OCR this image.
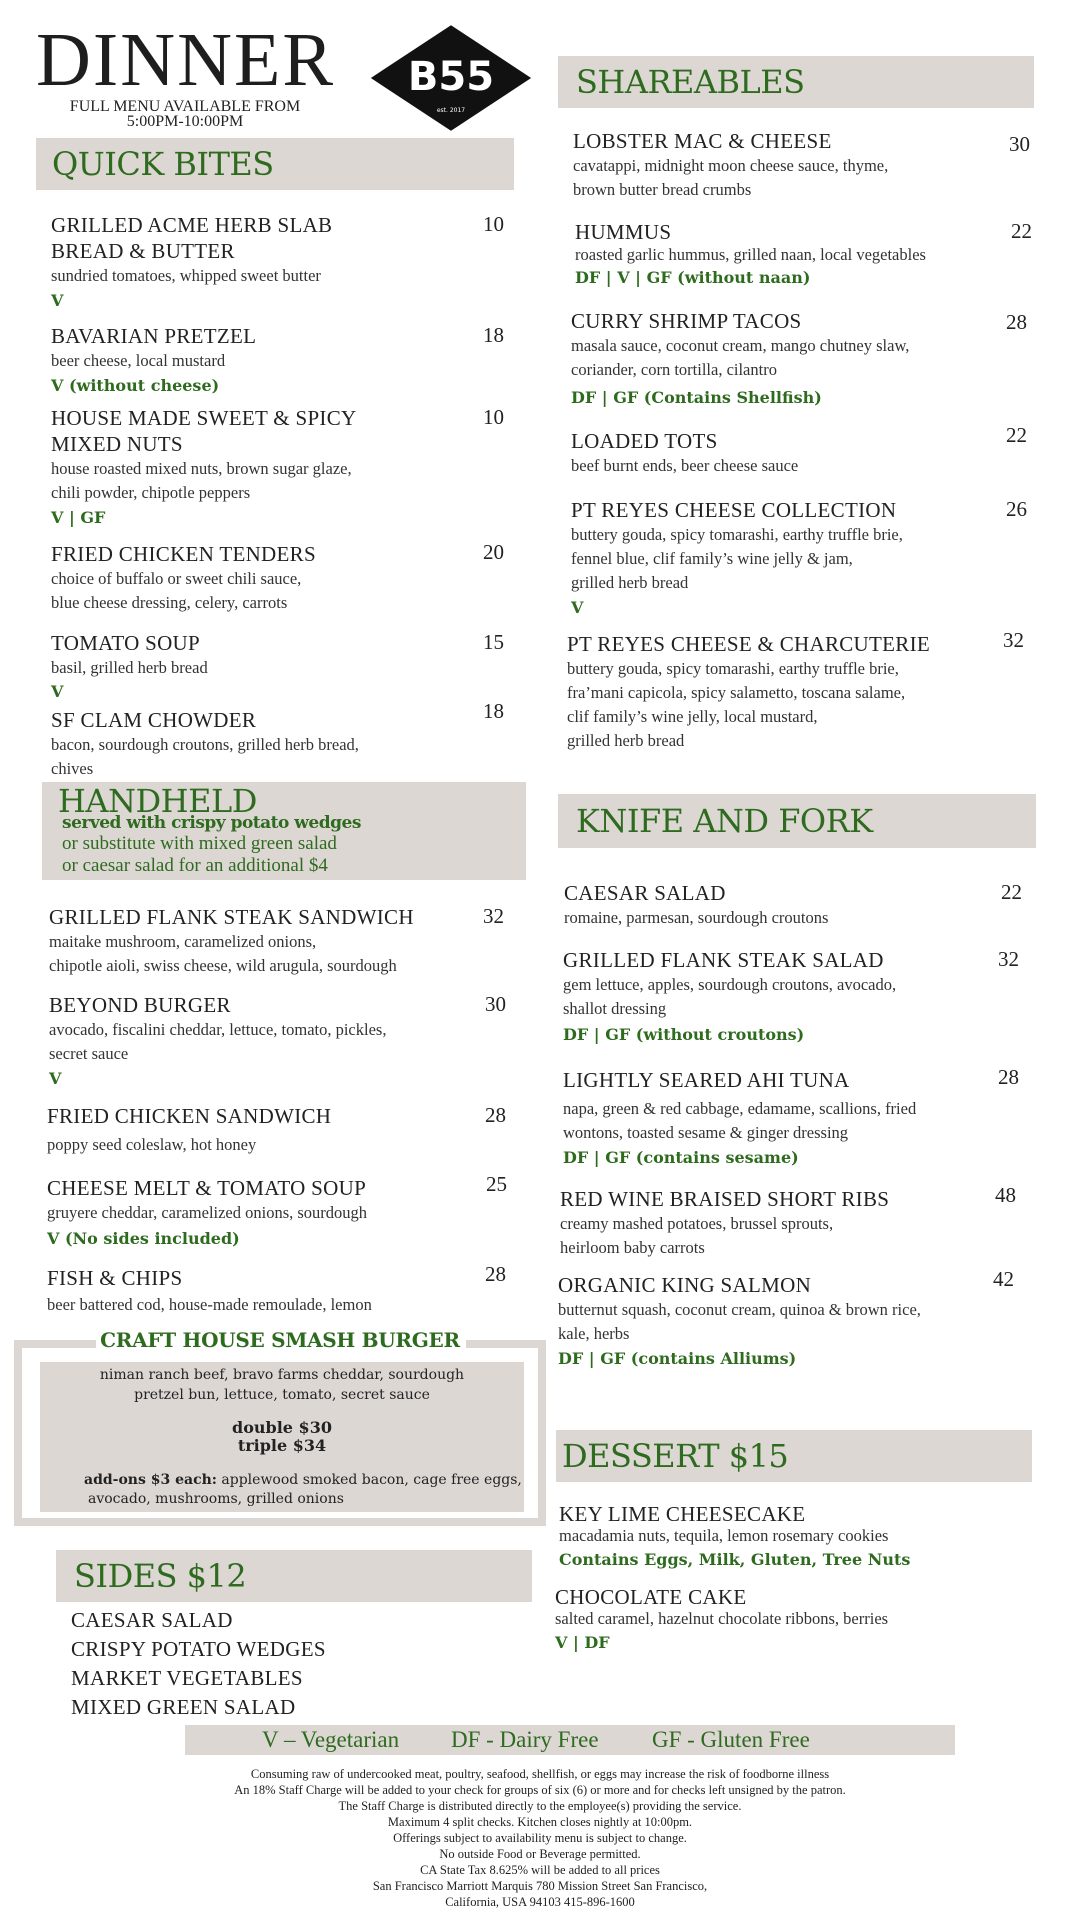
DINNER
FULL MENU AVAILABLE FROM
5:00PM-10:00PM
B55
est. 2017
QUICK BITES
GRILLED ACME HERB SLAB
BREAD & BUTTER
sundried tomatoes, whipped sweet butter
V
10
BAVARIAN PRETZEL
beer cheese, local mustard
V (without cheese)
18
HOUSE MADE SWEET & SPICY
MIXED NUTS
house roasted mixed nuts, brown sugar glaze,
chili powder, chipotle peppers
V | GF
10
FRIED CHICKEN TENDERS
choice of buffalo or sweet chili sauce,
blue cheese dressing, celery, carrots
20
TOMATO SOUP
basil, grilled herb bread
V
15
SF CLAM CHOWDER
bacon, sourdough croutons, grilled herb bread,
chives
18
HANDHELD
served with crispy potato wedges
or substitute with mixed green salad
or caesar salad for an additional $4
GRILLED FLANK STEAK SANDWICH
maitake mushroom, caramelized onions,
chipotle aioli, swiss cheese, wild arugula, sourdough
32
BEYOND BURGER
avocado, fiscalini cheddar, lettuce, tomato, pickles,
secret sauce
V
30
FRIED CHICKEN SANDWICH
poppy seed coleslaw, hot honey
28
CHEESE MELT & TOMATO SOUP
gruyere cheddar, caramelized onions, sourdough
V (No sides included)
25
FISH & CHIPS
beer battered cod, house-made remoulade, lemon
28
CRAFT HOUSE SMASH BURGER
niman ranch beef, bravo farms cheddar, sourdough
pretzel bun, lettuce, tomato, secret sauce
double $30
triple $34
add-ons $3 each: applewood smoked bacon, cage free eggs,
avocado, mushrooms, grilled onions
SIDES $12
CAESAR SALAD
CRISPY POTATO WEDGES
MARKET VEGETABLES
MIXED GREEN SALAD
SHAREABLES
LOBSTER MAC & CHEESE
cavatappi, midnight moon cheese sauce, thyme,
brown butter bread crumbs
30
HUMMUS
roasted garlic hummus, grilled naan, local vegetables
DF | V | GF (without naan)
22
CURRY SHRIMP TACOS
masala sauce, coconut cream, mango chutney slaw,
coriander, corn tortilla, cilantro
DF | GF (Contains Shellfish)
28
LOADED TOTS
beef burnt ends, beer cheese sauce
22
PT REYES CHEESE COLLECTION
buttery gouda, spicy tomarashi, earthy truffle brie,
fennel blue, clif family’s wine jelly & jam,
grilled herb bread
V
26
PT REYES CHEESE & CHARCUTERIE
buttery gouda, spicy tomarashi, earthy truffle brie,
fra’mani capicola, spicy salametto, toscana salame,
clif family’s wine jelly, local mustard,
grilled herb bread
32
KNIFE AND FORK
CAESAR SALAD
romaine, parmesan, sourdough croutons
22
GRILLED FLANK STEAK SALAD
gem lettuce, apples, sourdough croutons, avocado,
shallot dressing
DF | GF (without croutons)
32
LIGHTLY SEARED AHI TUNA
napa, green & red cabbage, edamame, scallions, fried
wontons, toasted sesame & ginger dressing
DF | GF (contains sesame)
28
RED WINE BRAISED SHORT RIBS
creamy mashed potatoes, brussel sprouts,
heirloom baby carrots
48
ORGANIC KING SALMON
butternut squash, coconut cream, quinoa & brown rice,
kale, herbs
DF | GF (contains Alliums)
42
DESSERT $15
KEY LIME CHEESECAKE
macadamia nuts, tequila, lemon rosemary cookies
Contains Eggs, Milk, Gluten, Tree Nuts
CHOCOLATE CAKE
salted caramel, hazelnut chocolate ribbons, berries
V | DF
V – Vegetarian DF - Dairy Free GF - Gluten Free
Consuming raw of undercooked meat, poultry, seafood, shellfish, or eggs may increase the risk of foodborne illness
An 18% Staff Charge will be added to your check for groups of six (6) or more and for checks left unsigned by the patron.
The Staff Charge is distributed directly to the employee(s) providing the service.
Maximum 4 split checks. Kitchen closes nightly at 10:00pm.
Offerings subject to availability menu is subject to change.
No outside Food or Beverage permitted.
CA State Tax 8.625% will be added to all prices
San Francisco Marriott Marquis 780 Mission Street San Francisco,
California, USA 94103 415-896-1600
